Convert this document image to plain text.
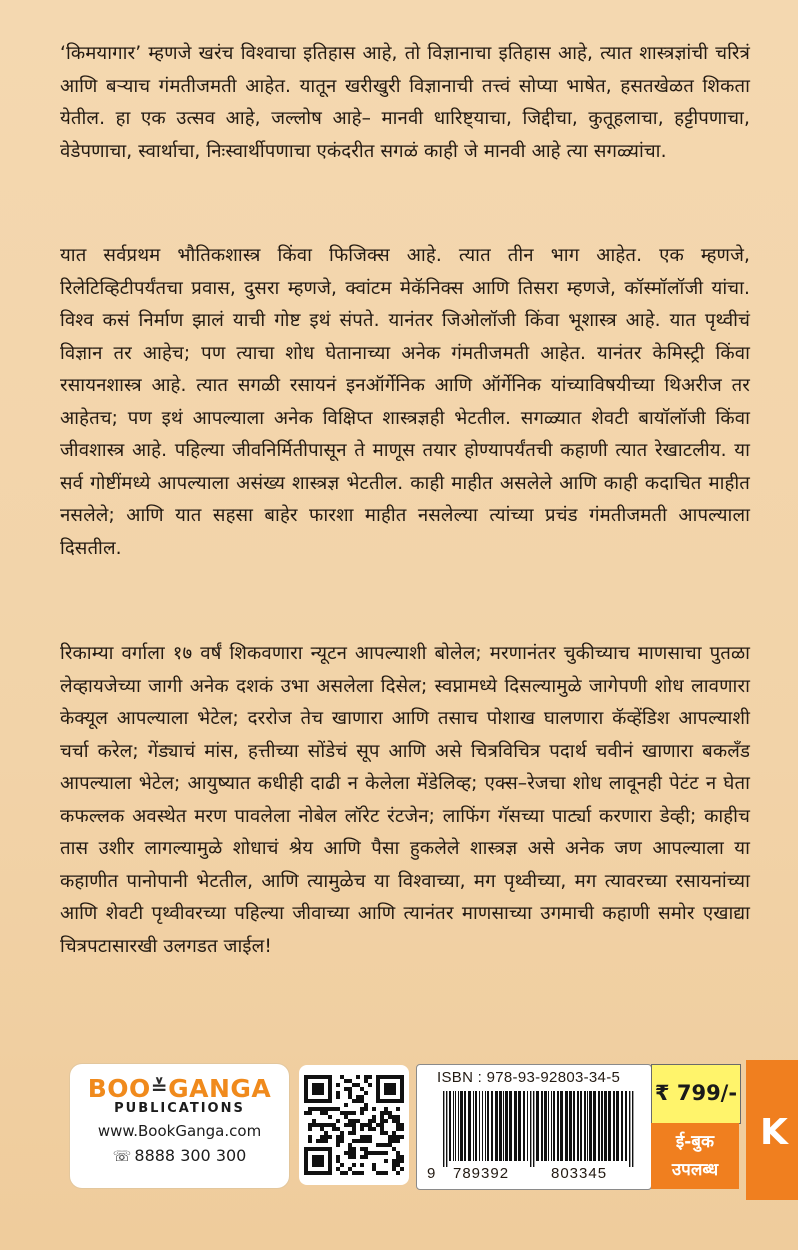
‘किमयागार’ म्हणजे खरंच विश्वाचा इतिहास आहे, तो विज्ञानाचा इतिहास आहे, त्यात शास्त्रज्ञांची चरित्रं आणि बऱ्याच गंमतीजमती आहेत. यातून खरीखुरी विज्ञानाची तत्त्वं सोप्या भाषेत, हसतखेळत शिकता येतील. हा एक उत्सव आहे, जल्लोष आहे– मानवी धारिष्ट्याचा, जिद्दीचा, कुतूहलाचा, हट्टीपणाचा, वेडेपणाचा, स्वार्थाचा, निःस्वार्थीपणाचा एकंदरीत सगळं काही जे मानवी आहे त्या सगळ्यांचा.
यात सर्वप्रथम भौतिकशास्त्र किंवा फिजिक्स आहे. त्यात तीन भाग आहेत. एक म्हणजे, रिलेटिव्हिटीपर्यंतचा प्रवास, दुसरा म्हणजे, क्वांटम मेकॅनिक्स आणि तिसरा म्हणजे, कॉस्मॉलॉजी यांचा. विश्व कसं निर्माण झालं याची गोष्ट इथं संपते. यानंतर जिओलॉजी किंवा भूशास्त्र आहे. यात पृथ्वीचं विज्ञान तर आहेच; पण त्याचा शोध घेतानाच्या अनेक गंमतीजमती आहेत. यानंतर केमिस्ट्री किंवा रसायनशास्त्र आहे. त्यात सगळी रसायनं इनऑर्गेनिक आणि ऑर्गेनिक यांच्याविषयीच्या थिअरीज तर आहेतच; पण इथं आपल्याला अनेक विक्षिप्त शास्त्रज्ञही भेटतील. सगळ्यात शेवटी बायॉलॉजी किंवा जीवशास्त्र आहे. पहिल्या जीवनिर्मितीपासून ते माणूस तयार होण्यापर्यंतची कहाणी त्यात रेखाटलीय. या सर्व गोष्टींमध्ये आपल्याला असंख्य शास्त्रज्ञ भेटतील. काही माहीत असलेले आणि काही कदाचित माहीत नसलेले; आणि यात सहसा बाहेर फारशा माहीत नसलेल्या त्यांच्या प्रचंड गंमतीजमती आपल्याला दिसतील.
रिकाम्या वर्गाला १७ वर्षं शिकवणारा न्यूटन आपल्याशी बोलेल; मरणानंतर चुकीच्याच माणसाचा पुतळा लेव्हायजेच्या जागी अनेक दशकं उभा असलेला दिसेल; स्वप्नामध्ये दिसल्यामुळे जागेपणी शोध लावणारा केक्यूल आपल्याला भेटेल; दररोज तेच खाणारा आणि तसाच पोशाख घालणारा कॅव्हेंडिश आपल्याशी चर्चा करेल; गेंड्याचं मांस, हत्तीच्या सोंडेचं सूप आणि असे चित्रविचित्र पदार्थ चवीनं खाणारा बकलँड आपल्याला भेटेल; आयुष्यात कधीही दाढी न केलेला मेंडेलिव्ह; एक्स–रेजचा शोध लावूनही पेटंट न घेता कफल्लक अवस्थेत मरण पावलेला नोबेल लॉरेट रंटजेन; लाफिंग गॅसच्या पार्ट्या करणारा डेव्ही; काहीच तास उशीर लागल्यामुळे शोधाचं श्रेय आणि पैसा हुकलेले शास्त्रज्ञ असे अनेक जण आपल्याला या कहाणीत पानोपानी भेटतील, आणि त्यामुळेच या विश्वाच्या, मग पृथ्वीच्या, मग त्यावरच्या रसायनांच्या आणि शेवटी पृथ्वीवरच्या पहिल्या जीवाच्या आणि त्यानंतर माणसाच्या उगमाची कहाणी समोर एखाद्या चित्रपटासारखी उलगडत जाईल!
BOO≚GANGA
PUBLICATIONS
www.BookGanga.com
☏ 8888 300 300
ISBN : 978-93-92803-34-5
9 789392	803345
₹ 799/-
ई-बुक
उपलब्ध
K
